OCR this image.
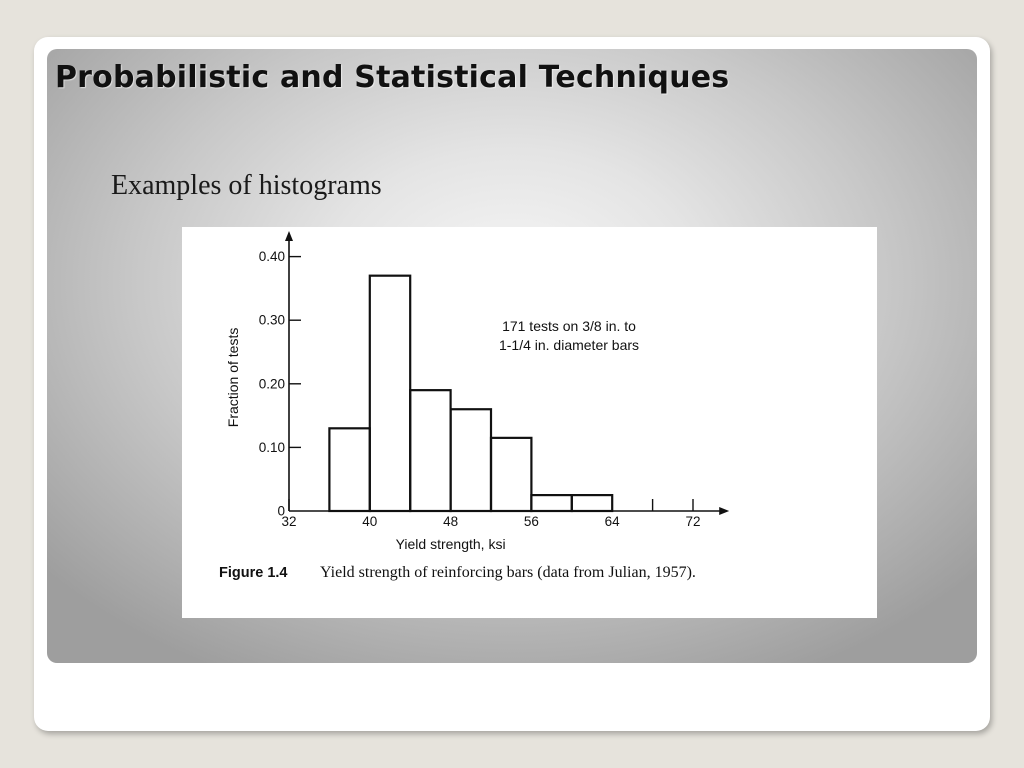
Probabilistic and Statistical Techniques
Examples of histograms
0
0.10
0.20
0.30
0.40
32	40	48	56	64	72
Yield strength, ksi
Fraction of tests
171 tests on 3/8 in. to
1-1/4 in. diameter bars
Figure 1.4 Yield strength of reinforcing bars (data from Julian, 1957).
